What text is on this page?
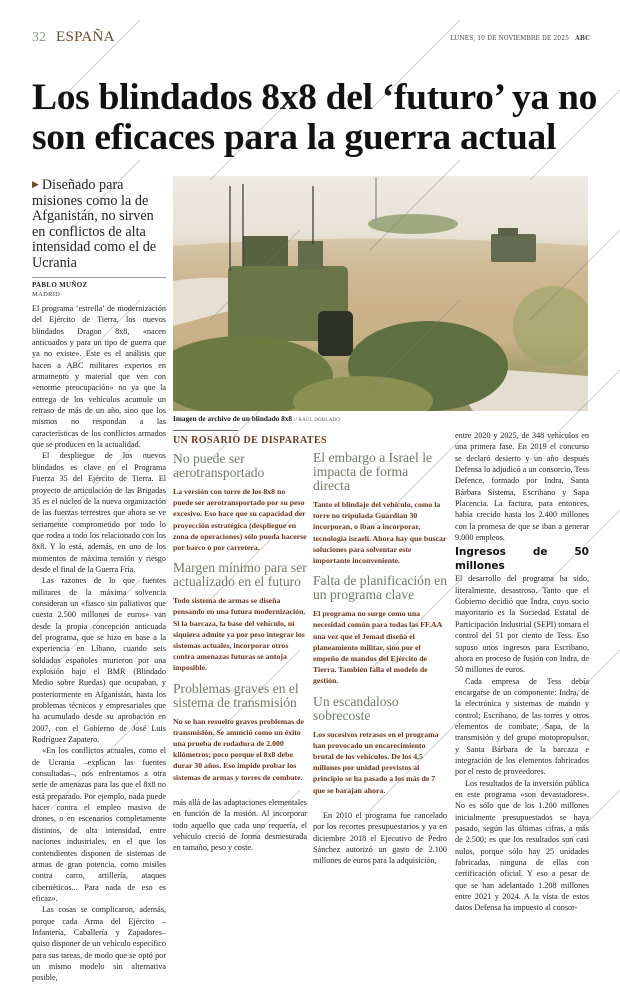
32 ESPAÑA	LUNES, 10 DE NOVIEMBRE DE 2025 ABC
Los blindados 8x8 del ‘futuro’ ya no son eficaces para la guerra actual
▶ Diseñado para misiones como la de Afganistán, no sirven en conflictos de alta intensidad como el de Ucrania
PABLO MUÑOZ
MADRID

El programa ‘estrella’ de modernización del Ejército de Tierra, los nuevos blindados Dragon 8x8, «nacen anticuados y para un tipo de guerra que ya no existe». Este es el análisis que hacen a ABC militares expertos en armamento y material que ven con «enorme preocupación» no ya que la entrega de los vehículos acumule un retraso de más de un año, sino que los mismos no respondan a las características de los conflictos armados que se producen en la actualidad.

El despliegue de los nuevos blindados es clave en el Programa Fuerza 35 del Ejército de Tierra. El proyecto de articulación de las Brigadas 35 es el núcleo de la nueva organización de las fuerzas terrestres que ahora se ve seriamente comprometido por todo lo que rodea a todo los relacionado con los 8x8. Y lo está, además, en uno de los momentos de máxima tensión y riesgo desde el final de la Guerra Fría.

Las razones de lo que fuentes militares de la máxima solvencia consideran un «fiasco sin paliativos que cuesta 2.500 millones de euros» van desde la propia concepción anticuada del programa, que se hizo en base a la experiencia en Líbano, cuando seis soldados españoles murieron por una explosión bajo el BMR (Blindado Medio sobre Ruedas) que ocupaban, y posteriormente en Afganistán, hasta los problemas técnicos y empresariales que ha acumulado desde su aprobación en 2007, con el Gobierno de José Luis Rodríguez Zapatero.

«En los conflictos actuales, como el de Ucrania –explican las fuentes consultadas–, nos enfrentamos a otra serie de amenazas para las que el 8x8 no está preparado. Por ejemplo, nada puede hacer contra el empleo masivo de drones, o en escenarios completamente distintos, de alta intensidad, entre naciones industriales, en el que los contendientes disponen de sistemas de armas de gran potencia, como misiles contra carro, artillería, ataques cibernéticos... Para nada de eso es eficaz».

Las cosas se complicaron, además, porque cada Arma del Ejército –Infantería, Caballería y Zapadores– quiso disponer de un vehículo específico para sus tareas, de modo que se optó por un mismo modelo sin alternativa posible,

Imagen de archivo de un blindado 8x8 // RAÚL DOBLADO
UN ROSARIO DE DISPARATES
No puede ser aerotransportado

La versión con torre de los 8x8 no puede ser aerotransportado por su peso excesivo. Eso hace que su capacidad der proyección estratégica (despliegue en zona de operaciones) sólo pueda hacerse por barco o por carretera.

Margen mínimo para ser actualizado en el futuro

Todo sistema de armas se diseña pensando en una futura modernización. Si la barcaza, la base del vehículo, ni siquiera admite ya por peso integrar los sistemas actuales, incorporar otros contra amenazas futuras se antoja imposible.

Problemas graves en el sistema de transmisión

No se han resuelto graves problemas de transmisión. Se anunció como un éxito una prueba de rodadura de 2.000 kilómetros; poco porque el 8x8 debe durar 30 años. Eso impide probar los sistemas de armas y torres de combate.

más allá de las adaptaciones elementales en función de la misión. Al incorporar todo aquello que cada uno requería, el vehículo creció de forma desmesurada en tamaño, peso y coste.

El embargo a Israel le impacta de forma directa

Tanto el blindaje del vehículo, como la torre no tripulada Guardian 30 incorporan, o iban a incorporar, tecnología israelí. Ahora hay que buscar soluciones para solventar este importante inconveniente.

Falta de planificación en un programa clave

El programa no surge como una necesidad común para todas las FF.AA una vez que el Jemad diseña el planeamiento militar, sino por el empeño de mandos del Ejército de Tierra. También falla el modelo de gestión.

Un escandaloso sobrecoste

Los sucesivos retrasos en el programa han provocado un encarecimiento brutal de los vehículos. De los 4,5 millones por unidad previstos al principio se ha pasado a los más de 7 que se barajan ahora.

En 2010 el programa fue cancelado por los recortes presupuestarios y ya en diciembre 2018 el Ejecutivo de Pedro Sánchez autorizó un gasto de 2.100 millones de euros para la adquisición,

entre 2020 y 2025, de 348 vehículos en una primera fase. En 2019 el concurso se declaró desierto y un año después Defensa lo adjudicó a un consorcio, Tess Defence, formado por Indra, Santa Bárbara Sistema, Escribano y Sapa Placencia. La factura, para entonces, había crecido hasta los 2.400 millones con la promesa de que se iban a generar 9.000 empleos.

Ingresos de 50 millones

El desarrollo del programa ha sido, literalmente, desastroso. Tanto que el Gobierno decidió que Indra, cuyo socio mayoritario es la Sociedad Estatal de Participación Industrial (SEPI) tomara el control del 51 por ciento de Tess. Eso supuso unos ingresos para Escribano, ahora en proceso de fusión con Indra, de 50 millones de euros.

Cada empresa de Tess debía encargarse de un componente: Indra, de la electrónica y sistemas de mando y control; Escribano, de las torres y otros elementos de combate; Sapa, de la transmisión y del grupo motopropulsor, y Santa Bárbara de la barcaza e integración de los elementos fabricados por el resto de proveedores.

Los resultados de la inversión pública en este programa «son devastadores». No es sólo que de los 1.200 millones inicialmente presupuestados se haya pasado, según las últimas cifras, a más de 2.500; es que los resultados son casi nulos, porque sólo hay 25 unidades fabricadas, ninguna de ellas con certificación oficial. Y eso a pesar de que se han adelantado 1.208 millones entre 2021 y 2024. A la vista de estos datos Defensa ha impuesto al consor-
